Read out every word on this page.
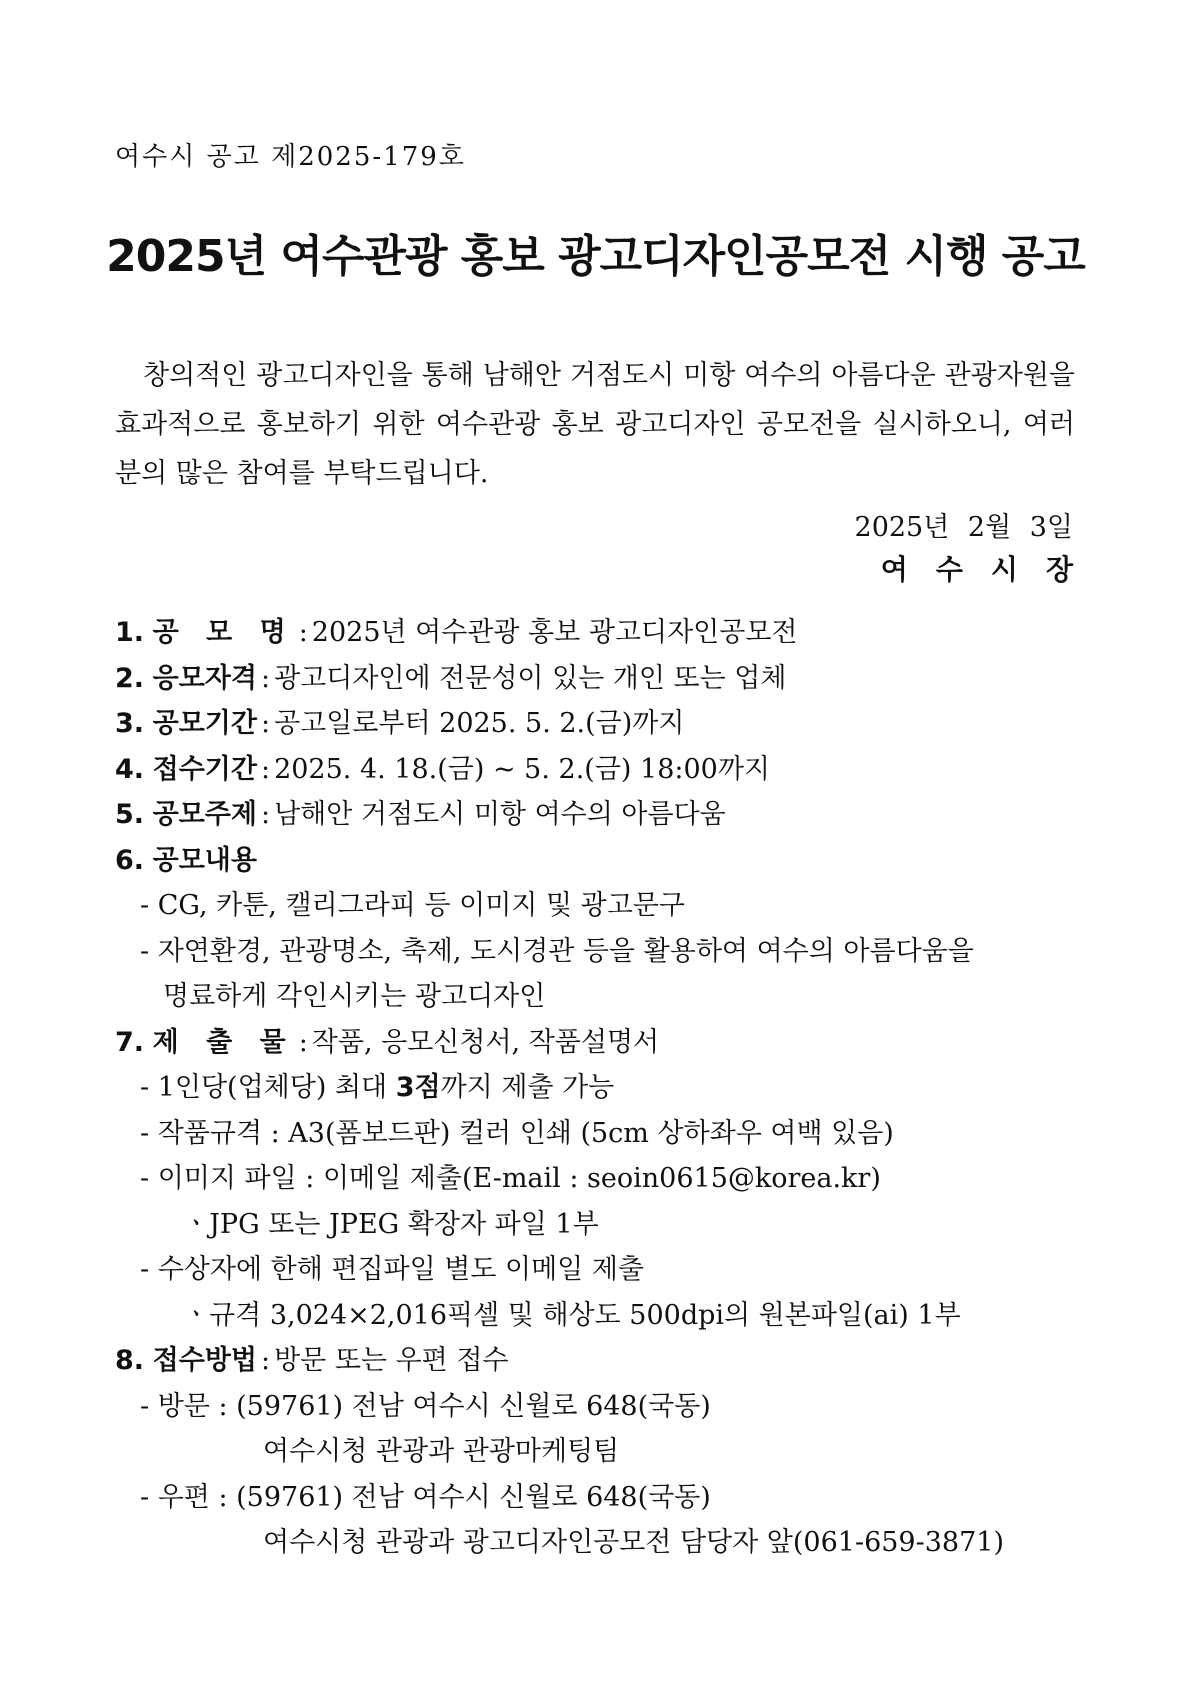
여수시 공고 제2025-179호
2025년 여수관광 홍보 광고디자인공모전 시행 공고
창의적인 광고디자인을 통해 남해안 거점도시 미항 여수의 아름다운 관광자원을 효과적으로 홍보하기 위한 여수관광 홍보 광고디자인 공모전을 실시하오니, 여러분의 많은 참여를 부탁드립니다.
2025년 2월 3일
여수시장
1. 공 모 명 : 2025년 여수관광 홍보 광고디자인공모전
2. 응모자격 : 광고디자인에 전문성이 있는 개인 또는 업체
3. 공모기간 : 공고일로부터 2025. 5. 2.(금)까지
4. 접수기간 : 2025. 4. 18.(금) ~ 5. 2.(금) 18:00까지
5. 공모주제 : 남해안 거점도시 미항 여수의 아름다움
6. 공모내용
- CG, 카툰, 캘리그라피 등 이미지 및 광고문구
- 자연환경, 관광명소, 축제, 도시경관 등을 활용하여 여수의 아름다움을
명료하게 각인시키는 광고디자인
7. 제 출 물 : 작품, 응모신청서, 작품설명서
- 1인당(업체당) 최대 3점까지 제출 가능
- 작품규격 : A3(폼보드판) 컬러 인쇄 (5cm 상하좌우 여백 있음)
- 이미지 파일 : 이메일 제출(E-mail : seoin0615@korea.kr)
ㆍJPG 또는 JPEG 확장자 파일 1부
- 수상자에 한해 편집파일 별도 이메일 제출
ㆍ규격 3,024×2,016픽셀 및 해상도 500dpi의 원본파일(ai) 1부
8. 접수방법 : 방문 또는 우편 접수
- 방문 : (59761) 전남 여수시 신월로 648(국동)
여수시청 관광과 관광마케팅팀
- 우편 : (59761) 전남 여수시 신월로 648(국동)
여수시청 관광과 광고디자인공모전 담당자 앞(061-659-3871)
